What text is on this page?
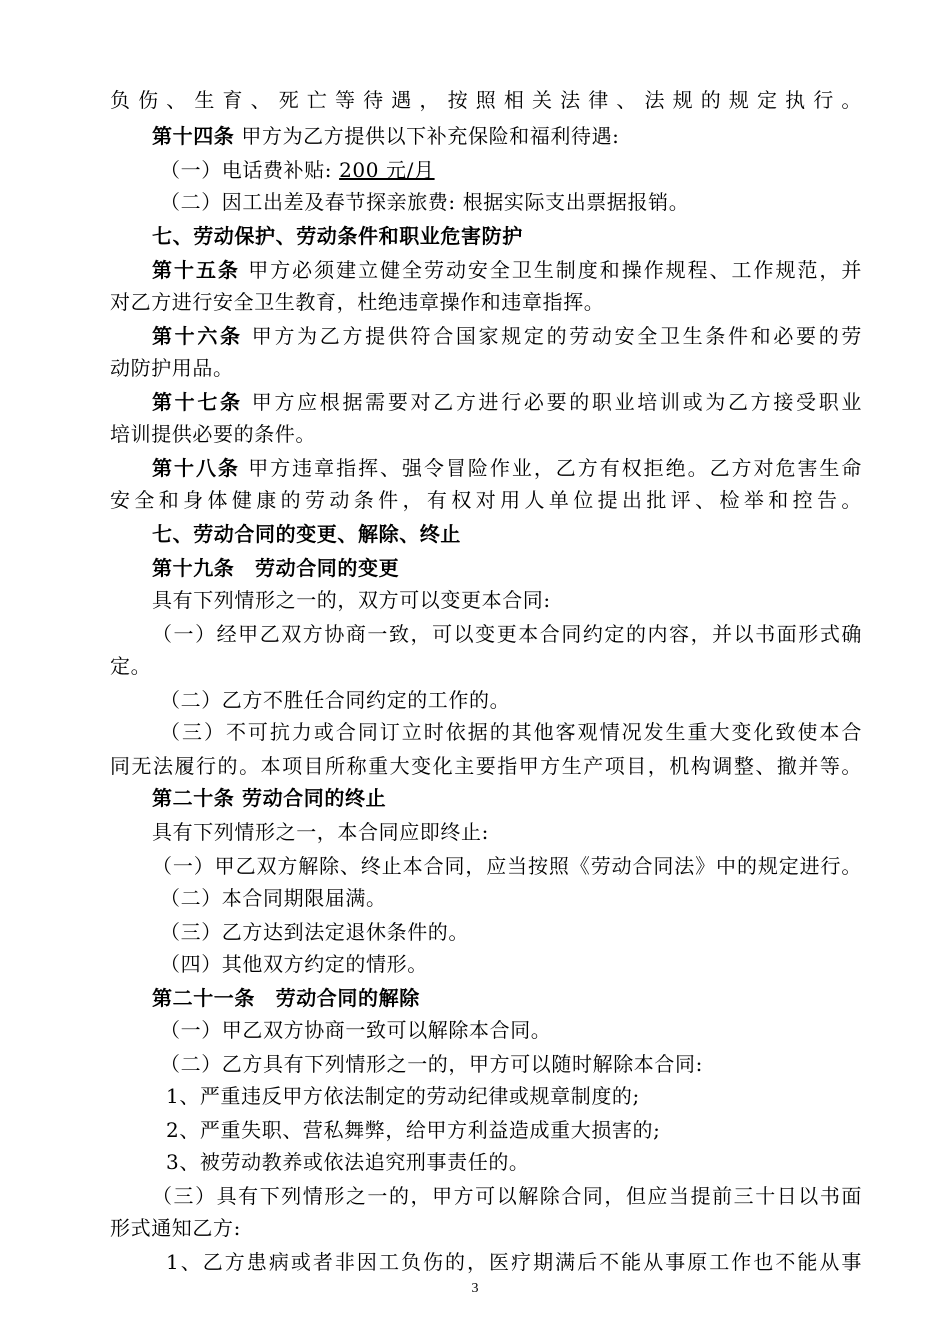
负伤、生育、死亡等待遇，按照相关法律、法规的规定执行。
第十四条 甲方为乙方提供以下补充保险和福利待遇:
（一）电话费补贴: 200 元/月
（二）因工出差及春节探亲旅费: 根据实际支出票据报销。
七、劳动保护、劳动条件和职业危害防护
第十五条 甲方必须建立健全劳动安全卫生制度和操作规程、工作规范，并
对乙方进行安全卫生教育，杜绝违章操作和违章指挥。
第十六条 甲方为乙方提供符合国家规定的劳动安全卫生条件和必要的劳
动防护用品。
第十七条 甲方应根据需要对乙方进行必要的职业培训或为乙方接受职业
培训提供必要的条件。
第十八条 甲方违章指挥、强令冒险作业，乙方有权拒绝。乙方对危害生命
安全和身体健康的劳动条件，有权对用人单位提出批评、检举和控告。
七、劳动合同的变更、解除、终止
第十九条　劳动合同的变更
具有下列情形之一的，双方可以变更本合同:
（一）经甲乙双方协商一致，可以变更本合同约定的内容，并以书面形式确
定。
（二）乙方不胜任合同约定的工作的。
（三）不可抗力或合同订立时依据的其他客观情况发生重大变化致使本合
同无法履行的。本项目所称重大变化主要指甲方生产项目，机构调整、撤并等。
第二十条 劳动合同的终止
具有下列情形之一，本合同应即终止:
（一）甲乙双方解除、终止本合同，应当按照《劳动合同法》中的规定进行。
（二）本合同期限届满。
（三）乙方达到法定退休条件的。
（四）其他双方约定的情形。
第二十一条　劳动合同的解除
（一）甲乙双方协商一致可以解除本合同。
（二）乙方具有下列情形之一的，甲方可以随时解除本合同:
1、严重违反甲方依法制定的劳动纪律或规章制度的;
2、严重失职、营私舞弊，给甲方利益造成重大损害的;
3、被劳动教养或依法追究刑事责任的。
（三）具有下列情形之一的，甲方可以解除合同，但应当提前三十日以书面
形式通知乙方:
1、乙方患病或者非因工负伤的，医疗期满后不能从事原工作也不能从事
3
